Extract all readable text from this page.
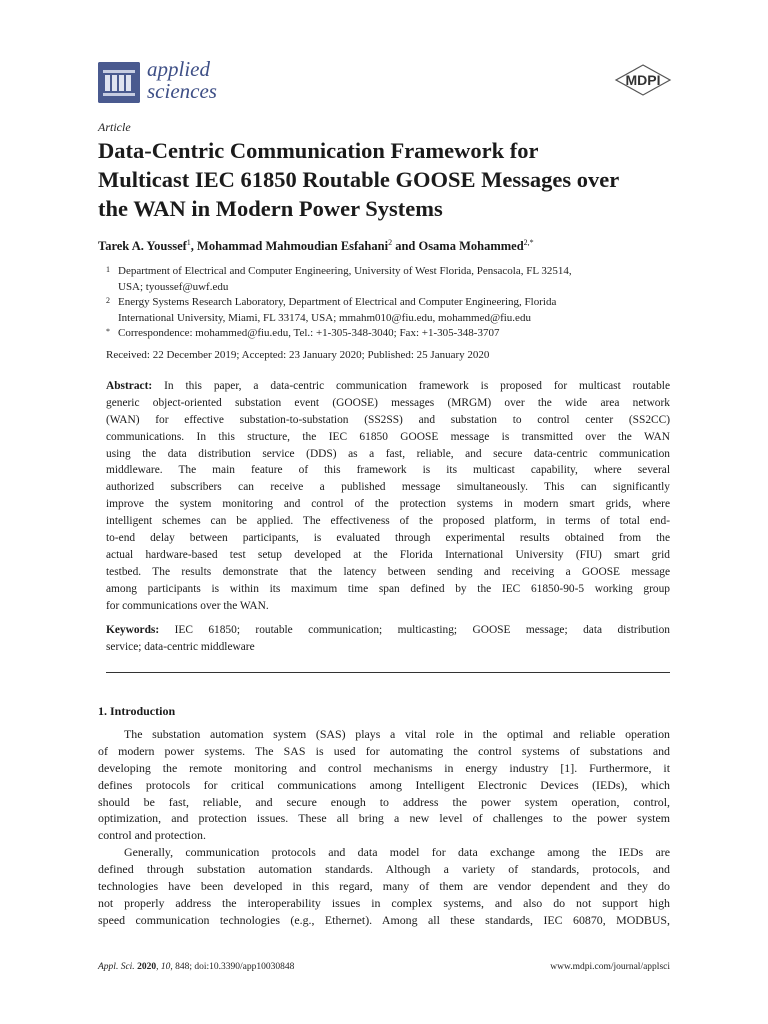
applied
sciences	MDPI
Article
Data-Centric Communication Framework for
Multicast IEC 61850 Routable GOOSE Messages over
the WAN in Modern Power Systems
Tarek A. Youssef$^1$, Mohammad Mahmoudian Esfahani$^2$ and Osama Mohammed$^{2,*}$
1 Department of Electrical and Computer Engineering, University of West Florida, Pensacola, FL 32514,
USA; tyoussef@uwf.edu
2 Energy Systems Research Laboratory, Department of Electrical and Computer Engineering, Florida
International University, Miami, FL 33174, USA; mmahm010@fiu.edu, mohammed@fiu.edu
* Correspondence: mohammed@fiu.edu, Tel.: +1-305-348-3040; Fax: +1-305-348-3707
Received: 22 December 2019; Accepted: 23 January 2020; Published: 25 January 2020
Abstract: In this paper, a data-centric communication framework is proposed for multicast routable
generic object-oriented substation event (GOOSE) messages (MRGM) over the wide area network
(WAN) for effective substation-to-substation (SS2SS) and substation to control center (SS2CC)
communications. In this structure, the IEC 61850 GOOSE message is transmitted over the WAN
using the data distribution service (DDS) as a fast, reliable, and secure data-centric communication
middleware. The main feature of this framework is its multicast capability, where several
authorized subscribers can receive a published message simultaneously. This can significantly
improve the system monitoring and control of the protection systems in modern smart grids, where
intelligent schemes can be applied. The effectiveness of the proposed platform, in terms of total end-
to-end delay between participants, is evaluated through experimental results obtained from the
actual hardware-based test setup developed at the Florida International University (FIU) smart grid
testbed. The results demonstrate that the latency between sending and receiving a GOOSE message
among participants is within its maximum time span defined by the IEC 61850-90-5 working group
for communications over the WAN.
Keywords: IEC 61850; routable communication; multicasting; GOOSE message; data distribution
service; data-centric middleware
1. Introduction
The substation automation system (SAS) plays a vital role in the optimal and reliable operation
of modern power systems. The SAS is used for automating the control systems of substations and
developing the remote monitoring and control mechanisms in energy industry [1]. Furthermore, it
defines protocols for critical communications among Intelligent Electronic Devices (IEDs), which
should be fast, reliable, and secure enough to address the power system operation, control,
optimization, and protection issues. These all bring a new level of challenges to the power system
control and protection.
Generally, communication protocols and data model for data exchange among the IEDs are
defined through substation automation standards. Although a variety of standards, protocols, and
technologies have been developed in this regard, many of them are vendor dependent and they do
not properly address the interoperability issues in complex systems, and also do not support high
speed communication technologies (e.g., Ethernet). Among all these standards, IEC 60870, MODBUS,
Appl. Sci. 2020, 10, 848; doi:10.3390/app10030848	www.mdpi.com/journal/applsci
